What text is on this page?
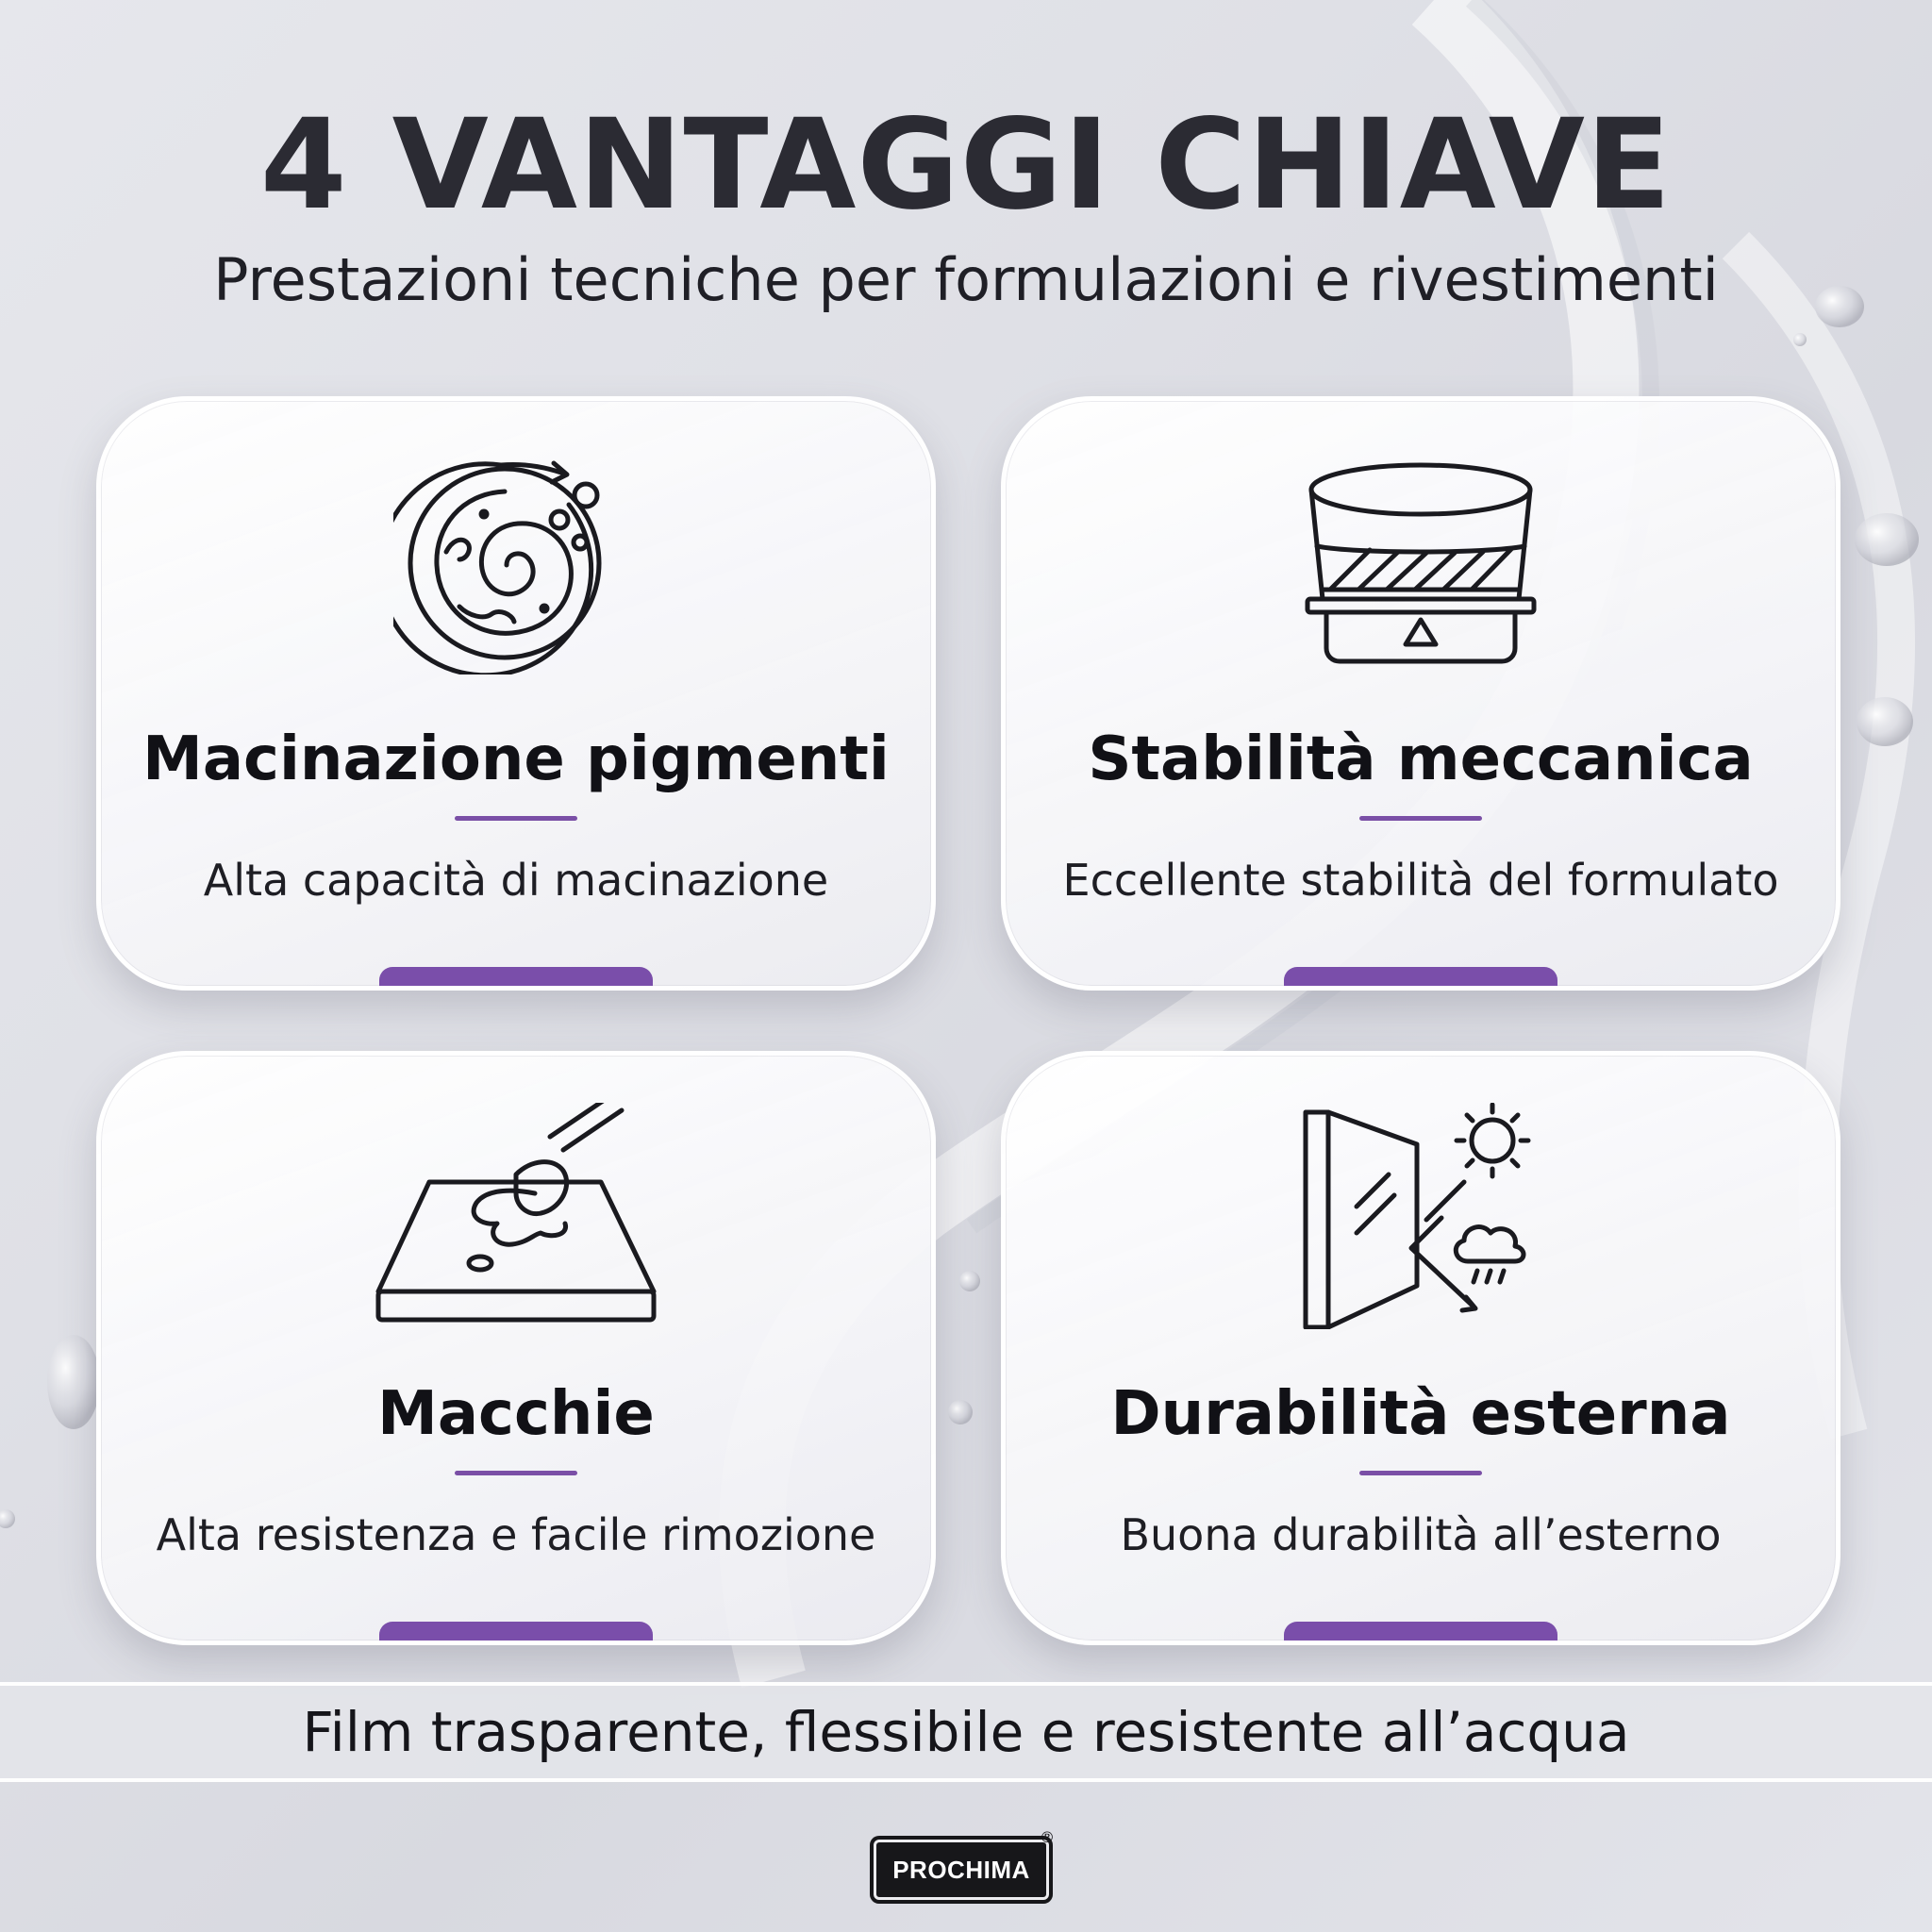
4 VANTAGGI CHIAVE
Prestazioni tecniche per formulazioni e rivestimenti
Macinazione pigmenti
Alta capacità di macinazione
Stabilità meccanica
Eccellente stabilità del formulato
Macchie
Alta resistenza e facile rimozione
Durabilità esterna
Buona durabilità all’esterno
Film trasparente, flessibile e resistente all’acqua
PROCHIMA
®
